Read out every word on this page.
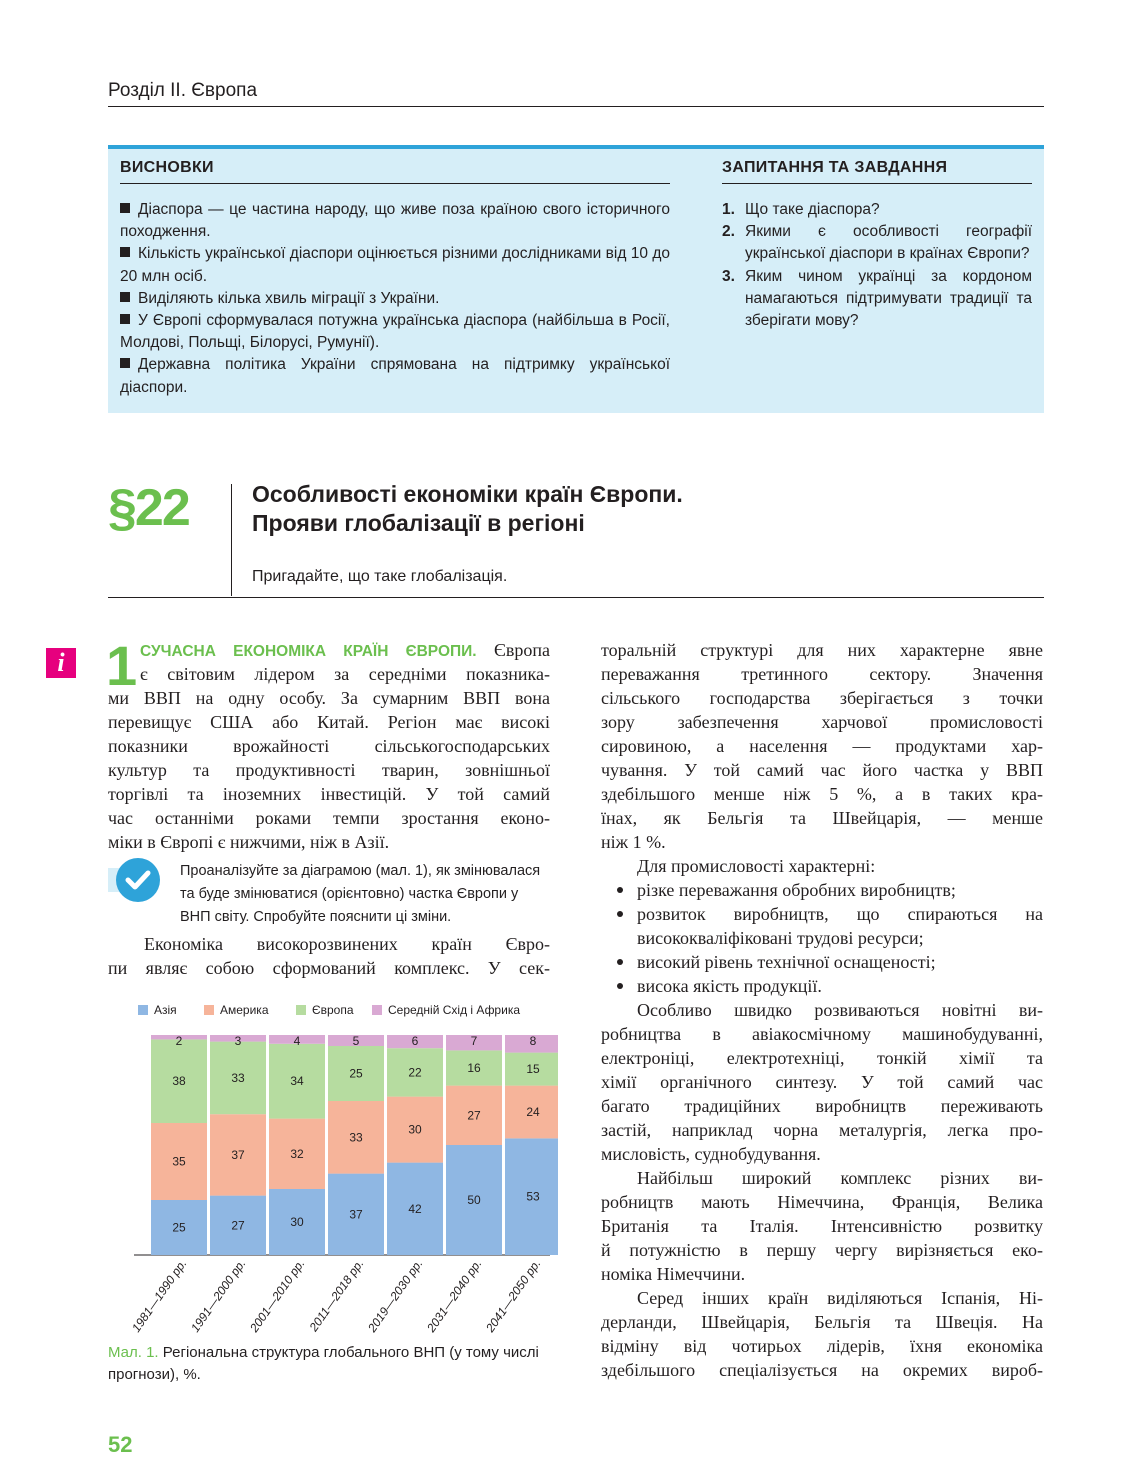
Розділ ІІ. Європа
ВИСНОВКИ

Діаспора — це частина народу, що живе поза країною свого історичного походження.

Кількість української діаспори оцінюється різними дослідниками від 10 до 20 млн осіб.

Виділяють кілька хвиль міграції з України.

У Європі сформувалася потужна українська діаспора (найбільша в Росії, Молдові, Польщі, Білорусі, Румунії).

Державна політика України спрямована на підтримку української діаспори.

ЗАПИТАННЯ ТА ЗАВДАННЯ
1. Що таке діаспора?
2. Якими є особливості географії української діаспори в країнах Європи?
3. Яким чином українці за кордоном намагаються підтримувати традиції та зберігати мову?
§22	Особливості економіки країн Європи.
Прояви глобалізації в регіоні
Пригадайте, що таке глобалізація.
i 1 СУЧАСНА ЕКОНОМІКА КРАЇН ЄВРОПИ. Європа
є світовим лідером за середніми показника-
ми ВВП на одну особу. За сумарним ВВП вона
перевищує США або Китай. Регіон має високі
показники врожайності сільськогосподарських
культур та продуктивності тварин, зовнішньої
торгівлі та іноземних інвестицій. У той самий
час останніми роками темпи зростання еконо-
міки в Європі є нижчими, ніж в Азії.
Проаналізуйте за діаграмою (мал. 1), як змінювалася та буде змінюватися (орієнтовно) частка Європи у ВНП світу. Спробуйте пояснити ці зміни.
Економіка високорозвинених країн Євро-
пи являє собою сформований комплекс. У сек-
Азія	Америка	Європа	Середній Схід і Африка
25
35
38
2
1981—1990 рр.
27
37
33
3
1991—2000 рр.
30
32
34
4
2001—2010 рр.
37
33
25
5
2011—2018 рр.
42
30
22
6
2019—2030 рр.
50
27
16
7
2031—2040 рр.
53
24
15
8
2041—2050 рр.
Мал. 1. Регіональна структура глобального ВНП (у тому числі прогнози), %.
торальній структурі для них характерне явне
переважання третинного сектору. Значення
сільського господарства зберігається з точки
зору забезпечення харчової промисловості
сировиною, а населення — продуктами хар-
чування. У той самий час його частка у ВВП
здебільшого менше ніж 5 %, а в таких кра-
їнах, як Бельгія та Швейцарія, — менше
ніж 1 %.
Для промисловості характерні:
різке переважання обробних виробництв;
розвиток виробництв, що спираються на
висококваліфіковані трудові ресурси;
високий рівень технічної оснащеності;
висока якість продукції.
Особливо швидко розвиваються новітні ви-
робництва в авіакосмічному машинобудуванні,
електроніці, електротехніці, тонкій хімії та
хімії органічного синтезу. У той самий час
багато традиційних виробництв переживають
застій, наприклад чорна металургія, легка про-
мисловість, суднобудування.
Найбільш широкий комплекс різних ви-
робництв мають Німеччина, Франція, Велика
Британія та Італія. Інтенсивністю розвитку
й потужністю в першу чергу вирізняється еко-
номіка Німеччини.
Серед інших країн виділяються Іспанія, Ні-
дерланди, Швейцарія, Бельгія та Швеція. На
відміну від чотирьох лідерів, їхня економіка
здебільшого спеціалізується на окремих вироб-
52
